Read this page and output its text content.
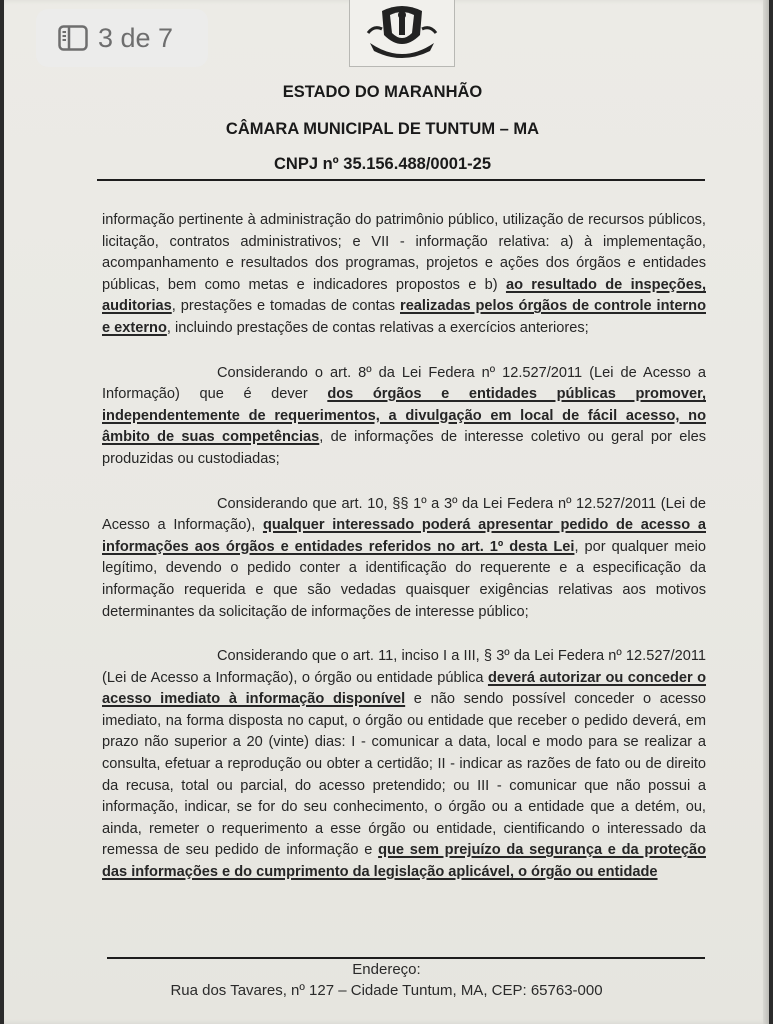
ESTADO DO MARANHÃO
CÂMARA MUNICIPAL DE TUNTUM – MA
CNPJ nº 35.156.488/0001-25

informação pertinente à administração do patrimônio público, utilização de recursos públicos, licitação, contratos administrativos; e VII - informação relativa: a) à implementação, acompanhamento e resultados dos programas, projetos e ações dos órgãos e entidades públicas, bem como metas e indicadores propostos e b) ao resultado de inspeções, auditorias, prestações e tomadas de contas realizadas pelos órgãos de controle interno e externo, incluindo prestações de contas relativas a exercícios anteriores;

Considerando o art. 8º da Lei Federa nº 12.527/2011 (Lei de Acesso a Informação) que é dever dos órgãos e entidades públicas promover, independentemente de requerimentos, a divulgação em local de fácil acesso, no âmbito de suas competências, de informações de interesse coletivo ou geral por eles produzidas ou custodiadas;

Considerando que art. 10, §§ 1º a 3º da Lei Federa nº 12.527/2011 (Lei de Acesso a Informação), qualquer interessado poderá apresentar pedido de acesso a informações aos órgãos e entidades referidos no art. 1º desta Lei, por qualquer meio legítimo, devendo o pedido conter a identificação do requerente e a especificação da informação requerida e que são vedadas quaisquer exigências relativas aos motivos determinantes da solicitação de informações de interesse público;

Considerando que o art. 11, inciso I a III, § 3º da Lei Federa nº 12.527/2011 (Lei de Acesso a Informação), o órgão ou entidade pública deverá autorizar ou conceder o acesso imediato à informação disponível e não sendo possível conceder o acesso imediato, na forma disposta no caput, o órgão ou entidade que receber o pedido deverá, em prazo não superior a 20 (vinte) dias: I - comunicar a data, local e modo para se realizar a consulta, efetuar a reprodução ou obter a certidão; II - indicar as razões de fato ou de direito da recusa, total ou parcial, do acesso pretendido; ou III - comunicar que não possui a informação, indicar, se for do seu conhecimento, o órgão ou a entidade que a detém, ou, ainda, remeter o requerimento a esse órgão ou entidade, cientificando o interessado da remessa de seu pedido de informação e que sem prejuízo da segurança e da proteção das informações e do cumprimento da legislação aplicável, o órgão ou entidade

Endereço:
Rua dos Tavares, nº 127 – Cidade Tuntum, MA, CEP: 65763-000
3 de 7
